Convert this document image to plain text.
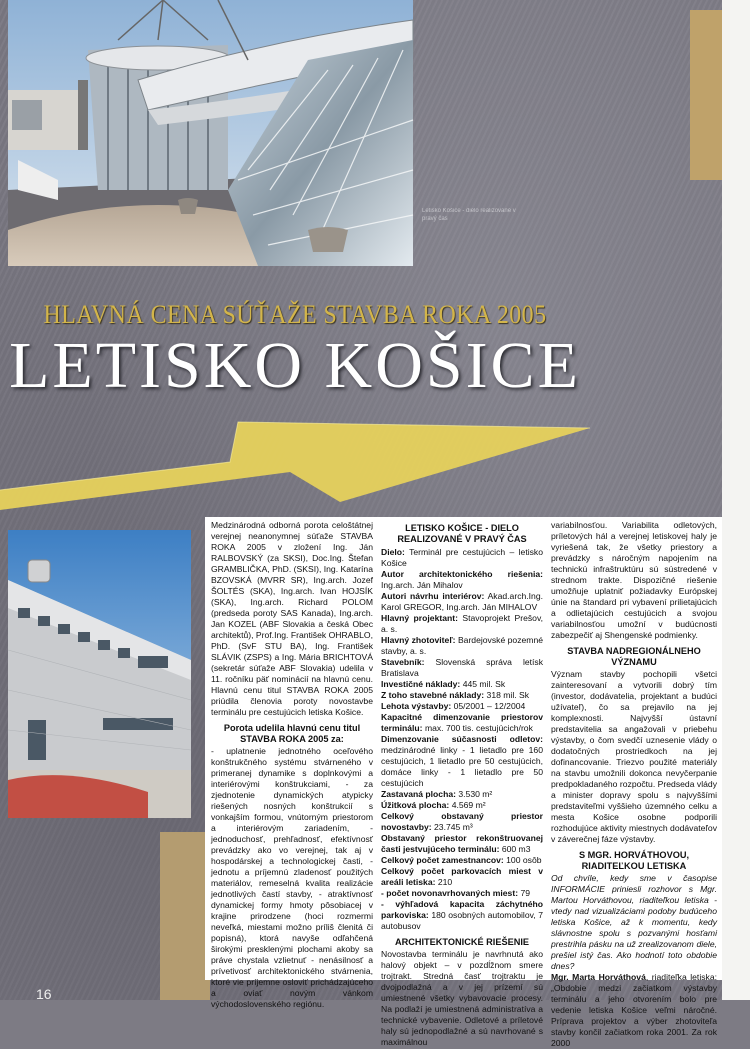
Letisko Košice - dielo realizované v pravý čas
HLAVNÁ CENA SÚŤAŽE STAVBA ROKA 2005
LETISKO KOŠICE

Medzinárodná odborná porota celoštátnej verejnej neanonymnej súťaže STAVBA ROKA 2005 v zložení Ing. Ján RALBOVSKÝ (za SKSI), Doc.Ing. Štefan GRAMBLIČKA, PhD. (SKSI), Ing. Katarína BZOVSKÁ (MVRR SR), Ing.arch. Jozef ŠOLTÉS (SKA), Ing.arch. Ivan HOJSÍK (SKA), Ing.arch. Richard POLOM (predseda poroty SAS Kanada), Ing.arch. Jan KOZEL (ABF Slovakia a česká Obec architektů), Prof.Ing. František OHRABLO, PhD. (SvF STU BA), Ing. František SLÁVIK (ZSPS) a Ing. Mária BRICHTOVÁ (sekretár súťaže ABF Slovakia) udelila v 11. ročníku päť nominácií na hlavnú cenu. Hlavnú cenu titul STAVBA ROKA 2005 priúdila členovia poroty novostavbe terminálu pre cestujúcich letiska Košice.

Porota udelila hlavnú cenu titul STAVBA ROKA 2005 za:

- uplatnenie jednotného oceľového konštrukčného systému stvárneného v primeranej dynamike s doplnkovými a interiérovými konštrukciami, - za zjednotenie dynamických atypicky riešených nosných konštrukcií s vonkajším formou, vnútorným priestorom a interiérovým zariadením, - jednoduchosť, prehľadnosť, efektívnosť prevádzky ako vo verejnej, tak aj v hospodárskej a technologickej časti, - jednotu a príjemnú zladenosť použitých materiálov, remeselná kvalita realizácie jednotlivých častí stavby, - atraktívnosť dynamickej formy hmoty pôsobiacej v krajine prirodzene (hoci rozmermi neveľká, miestami možno príliš členitá či popisná), ktorá navyše odľahčená širokými presklenými plochami akoby sa práve chystala vzlietnuť - nenásilnosť a prívetivosť architektonického stvárnenia, ktoré vie príjemne osloviť prichádzajúceho a oviať novým vánkom východoslovenského regiónu.

LETISKO KOŠICE - DIELO REALIZOVANÉ V PRAVÝ ČAS

Dielo: Terminál pre cestujúcich – letisko Košice

Autor architektonického riešenia: Ing.arch. Ján Mihalov

Autori návrhu interiérov: Akad.arch.Ing. Karol GREGOR, Ing.arch. Ján MIHALOV

Hlavný projektant: Stavoprojekt Prešov, a. s.

Hlavný zhotoviteľ: Bardejovské pozemné stavby, a. s.

Stavebník: Slovenská správa letísk Bratislava

Investičné náklady: 445 mil. Sk

Z toho stavebné náklady: 318 mil. Sk

Lehota výstavby: 05/2001 – 12/2004

Kapacitné dimenzovanie priestorov terminálu: max. 700 tis. cestujúcich/rok

Dimenzovanie súčasnosti odletov: medzinárodné linky - 1 lietadlo pre 160 cestujúcich, 1 lietadlo pre 50 cestujúcich, domáce linky - 1 lietadlo pre 50 cestujúcich

Zastavaná plocha: 3.530 m²

Úžitková plocha: 4.569 m²

Celkový obstavaný priestor novostavby: 23.745 m³

Obstavaný priestor rekonštruovanej časti jestvujúceho terminálu: 600 m3

Celkový počet zamestnancov: 100 osôb

Celkový počet parkovacích miest v areáli letiska: 210

- počet novonavrhovaných miest: 79

- výhľadová kapacita záchytného parkoviska: 180 osobných automobilov, 7 autobusov

ARCHITEKTONICKÉ RIEŠENIE

Novostavba terminálu je navrhnutá ako halový objekt – v pozdĺžnom smere trojtrakt. Stredná časť trojtraktu je dvojpodlažná a v jej prízemí sú umiestnené všetky vybavovacie procesy. Na podlaží je umiestnená administratíva a technické vybavenie. Odletové a príletové haly sú jednopodlažné a sú navrhované s maximálnou

variabilnosťou. Variabilita odletových, príletových hál a verejnej letiskovej haly je vyriešená tak, že všetky priestory a prevádzky s náročným napojením na technickú infraštruktúru sú sústredené v strednom trakte. Dispozičné riešenie umožňuje uplatniť požiadavky Európskej únie na štandard pri vybavení prilietajúcich a odlietajúcich cestujúcich a svojou variabilnosťou umožní v budúcnosti zabezpečiť aj Shengenské podmienky.

STAVBA NADREGIONÁLNEHO VÝZNAMU

Význam stavby pochopili všetci zainteresovaní a vytvorili dobrý tím (investor, dodávatelia, projektant a budúci užívateľ), čo sa prejavilo na jej komplexnosti. Najvyšší ústavní predstavitelia sa angažovali v priebehu výstavby, o čom svedčí uznesenie vlády o dodatočných prostriedkoch na jej dofinancovanie. Triezvo použité materiály na stavbu umožnili dokonca nevyčerpanie predpokladaného rozpočtu. Predseda vlády a minister dopravy spolu s najvyššími predstaviteľmi vyššieho územného celku a mesta Košice osobne podporili rozhodujúce aktivity miestnych dodávateľov v záverečnej fáze výstavby.

S MGR. HORVÁTHOVOU, RIADITEĽKOU LETISKA

Od chvíle, kedy sme v časopise INFORMÁCIE priniesli rozhovor s Mgr. Martou Horváthovou, riaditeľkou letiska - vtedy nad vizualizáciami podoby budúceho letiska Košice, až k momentu, kedy slávnostne spolu s pozvanými hosťami prestrihla pásku na už zrealizovanom diele, prešiel istý čas. Ako hodnotí toto obdobie dnes?

Mgr. Marta Horváthová, riaditeľka letiska: „Obdobie medzi začiatkom výstavby terminálu a jeho otvorením bolo pre vedenie letiska Košice veľmi náročné. Príprava projektov a výber zhotoviteľa stavby končil začiatkom roka 2001. Za rok 2000

16
